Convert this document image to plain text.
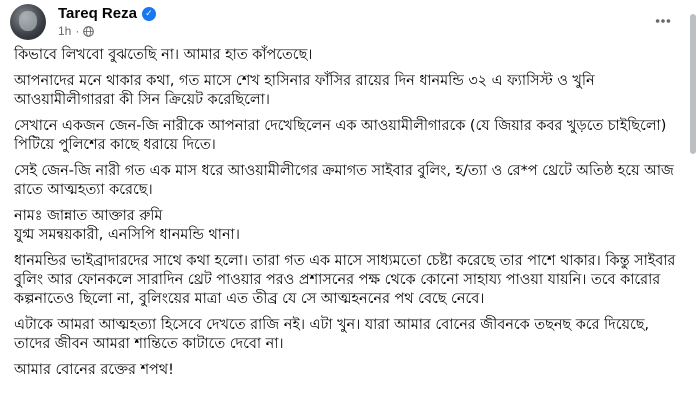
Tareq Reza ✓
1h ·

কিভাবে লিখবো বুঝতেছি না। আমার হাত কাঁপতেছে।

আপনাদের মনে থাকার কথা, গত মাসে শেখ হাসিনার ফাঁসির রায়ের দিন ধানমন্ডি ৩২ এ ফ্যাসিস্ট ও খুনি আওয়ামীলীগাররা কী সিন ক্রিয়েট করেছিলো।

সেখানে একজন জেন-জি নারীকে আপনারা দেখেছিলেন এক আওয়ামীলীগারকে (যে জিয়ার কবর খুড়তে চাইছিলো) পিটিয়ে পুলিশের কাছে ধরায়ে দিতে।

সেই জেন-জি নারী গত এক মাস ধরে আওয়ামীলীগের ক্রমাগত সাইবার বুলিং, হ/ত্যা ও রে*প থ্রেটে অতিষ্ঠ হয়ে আজ রাতে আত্মহত্যা করেছে।

নামঃ জান্নাত আক্তার রুমি

যুগ্ম সমন্বয়কারী, এনসিপি ধানমন্ডি থানা।

ধানমন্ডির ভাইব্রাদারদের সাথে কথা হলো। তারা গত এক মাসে সাধ্যমতো চেষ্টা করেছে তার পাশে থাকার। কিন্তু সাইবার বুলিং আর ফোনকলে সারাদিন থ্রেট পাওয়ার পরও প্রশাসনের পক্ষ থেকে কোনো সাহায্য পাওয়া যায়নি। তবে কারোর কল্পনাতেও ছিলো না, বুলিংয়ের মাত্রা এত তীব্র যে সে আত্মহননের পথ বেছে নেবে।

এটাকে আমরা আত্মহত্যা হিসেবে দেখতে রাজি নই। এটা খুন। যারা আমার বোনের জীবনকে তছনছ করে দিয়েছে, তাদের জীবন আমরা শান্তিতে কাটাতে দেবো না।

আমার বোনের রক্তের শপথ!
